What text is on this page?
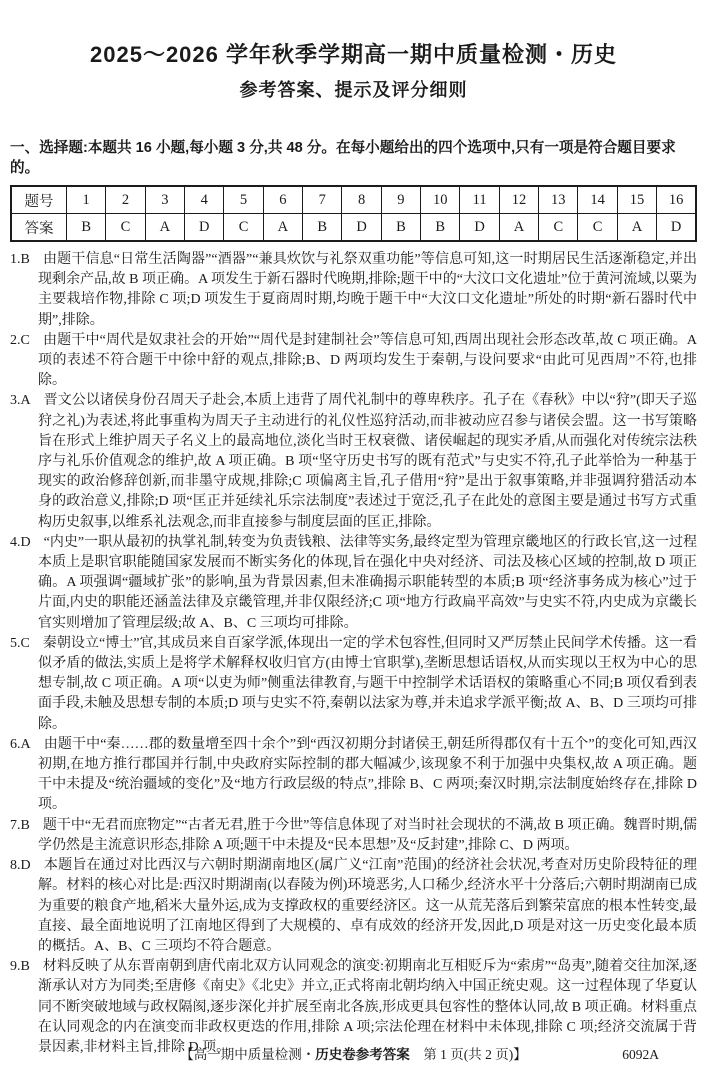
2025～2026 学年秋季学期高一期中质量检测・历史
参考答案、提示及评分细则
一、选择题:本题共 16 小题,每小题 3 分,共 48 分。在每小题给出的四个选项中,只有一项是符合题目要求的。
题号	1	2	3	4	5	6	7	8	9	10	11	12	13	14	15	16
答案	B	C	A	D	C	A	B	D	B	B	D	A	C	C	A	D
1.B 由题干信息“日常生活陶器”“酒器”“兼具炊饮与礼祭双重功能”等信息可知,这一时期居民生活逐渐稳定,并出现剩余产品,故 B 项正确。A 项发生于新石器时代晚期,排除;题干中的“大汶口文化遗址”位于黄河流域,以粟为主要栽培作物,排除 C 项;D 项发生于夏商周时期,均晚于题干中“大汶口文化遗址”所处的时期“新石器时代中期”,排除。
2.C 由题干中“周代是奴隶社会的开始”“周代是封建制社会”等信息可知,西周出现社会形态改革,故 C 项正确。A 项的表述不符合题干中徐中舒的观点,排除;B、D 两项均发生于秦朝,与设问要求“由此可见西周”不符,也排除。
3.A 晋文公以诸侯身份召周天子赴会,本质上违背了周代礼制中的尊卑秩序。孔子在《春秋》中以“狩”(即天子巡狩之礼)为表述,将此事重构为周天子主动进行的礼仪性巡狩活动,而非被动应召参与诸侯会盟。这一书写策略旨在形式上维护周天子名义上的最高地位,淡化当时王权衰微、诸侯崛起的现实矛盾,从而强化对传统宗法秩序与礼乐价值观念的维护,故 A 项正确。B 项“坚守历史书写的既有范式”与史实不符,孔子此举恰为一种基于现实的政治修辞创新,而非墨守成规,排除;C 项偏离主旨,孔子借用“狩”是出于叙事策略,并非强调狩猎活动本身的政治意义,排除;D 项“匡正并延续礼乐宗法制度”表述过于宽泛,孔子在此处的意图主要是通过书写方式重构历史叙事,以维系礼法观念,而非直接参与制度层面的匡正,排除。
4.D “内史”一职从最初的执掌礼制,转变为负责钱粮、法律等实务,最终定型为管理京畿地区的行政长官,这一过程本质上是职官职能随国家发展而不断实务化的体现,旨在强化中央对经济、司法及核心区域的控制,故 D 项正确。A 项强调“疆域扩张”的影响,虽为背景因素,但未准确揭示职能转型的本质;B 项“经济事务成为核心”过于片面,内史的职能还涵盖法律及京畿管理,并非仅限经济;C 项“地方行政扁平高效”与史实不符,内史成为京畿长官实则增加了管理层级;故 A、B、C 三项均可排除。
5.C 秦朝设立“博士”官,其成员来自百家学派,体现出一定的学术包容性,但同时又严厉禁止民间学术传播。这一看似矛盾的做法,实质上是将学术解释权收归官方(由博士官职掌),垄断思想话语权,从而实现以王权为中心的思想专制,故 C 项正确。A 项“以吏为师”侧重法律教育,与题干中控制学术话语权的策略重心不同;B 项仅看到表面手段,未触及思想专制的本质;D 项与史实不符,秦朝以法家为尊,并未追求学派平衡;故 A、B、D 三项均可排除。
6.A 由题干中“秦……郡的数量增至四十余个”到“西汉初期分封诸侯王,朝廷所得郡仅有十五个”的变化可知,西汉初期,在地方推行郡国并行制,中央政府实际控制的郡大幅减少,该现象不利于加强中央集权,故 A 项正确。题干中未提及“统治疆域的变化”及“地方行政层级的特点”,排除 B、C 两项;秦汉时期,宗法制度始终存在,排除 D 项。
7.B 题干中“无君而庶物定”“古者无君,胜于今世”等信息体现了对当时社会现状的不满,故 B 项正确。魏晋时期,儒学仍然是主流意识形态,排除 A 项;题干中未提及“民本思想”及“反封建”,排除 C、D 两项。
8.D 本题旨在通过对比西汉与六朝时期湖南地区(属广义“江南”范围)的经济社会状况,考查对历史阶段特征的理解。材料的核心对比是:西汉时期湖南(以春陵为例)环境恶劣,人口稀少,经济水平十分落后;六朝时期湖南已成为重要的粮食产地,稻米大量外运,成为支撑政权的重要经济区。这一从荒芜落后到繁荣富庶的根本性转变,最直接、最全面地说明了江南地区得到了大规模的、卓有成效的经济开发,因此,D 项是对这一历史变化最本质的概括。A、B、C 三项均不符合题意。
9.B 材料反映了从东晋南朝到唐代南北双方认同观念的演变:初期南北互相贬斥为“索虏”“岛夷”,随着交往加深,逐渐承认对方为同类;至唐修《南史》《北史》并立,正式将南北朝均纳入中国正统史观。这一过程体现了华夏认同不断突破地域与政权隔阂,逐步深化并扩展至南北各族,形成更具包容性的整体认同,故 B 项正确。材料重点在认同观念的内在演变而非政权更迭的作用,排除 A 项;宗法伦理在材料中未体现,排除 C 项;经济交流属于背景因素,非材料主旨,排除 D 项。
【高一期中质量检测・历史卷参考答案　第 1 页(共 2 页)】	6092A
